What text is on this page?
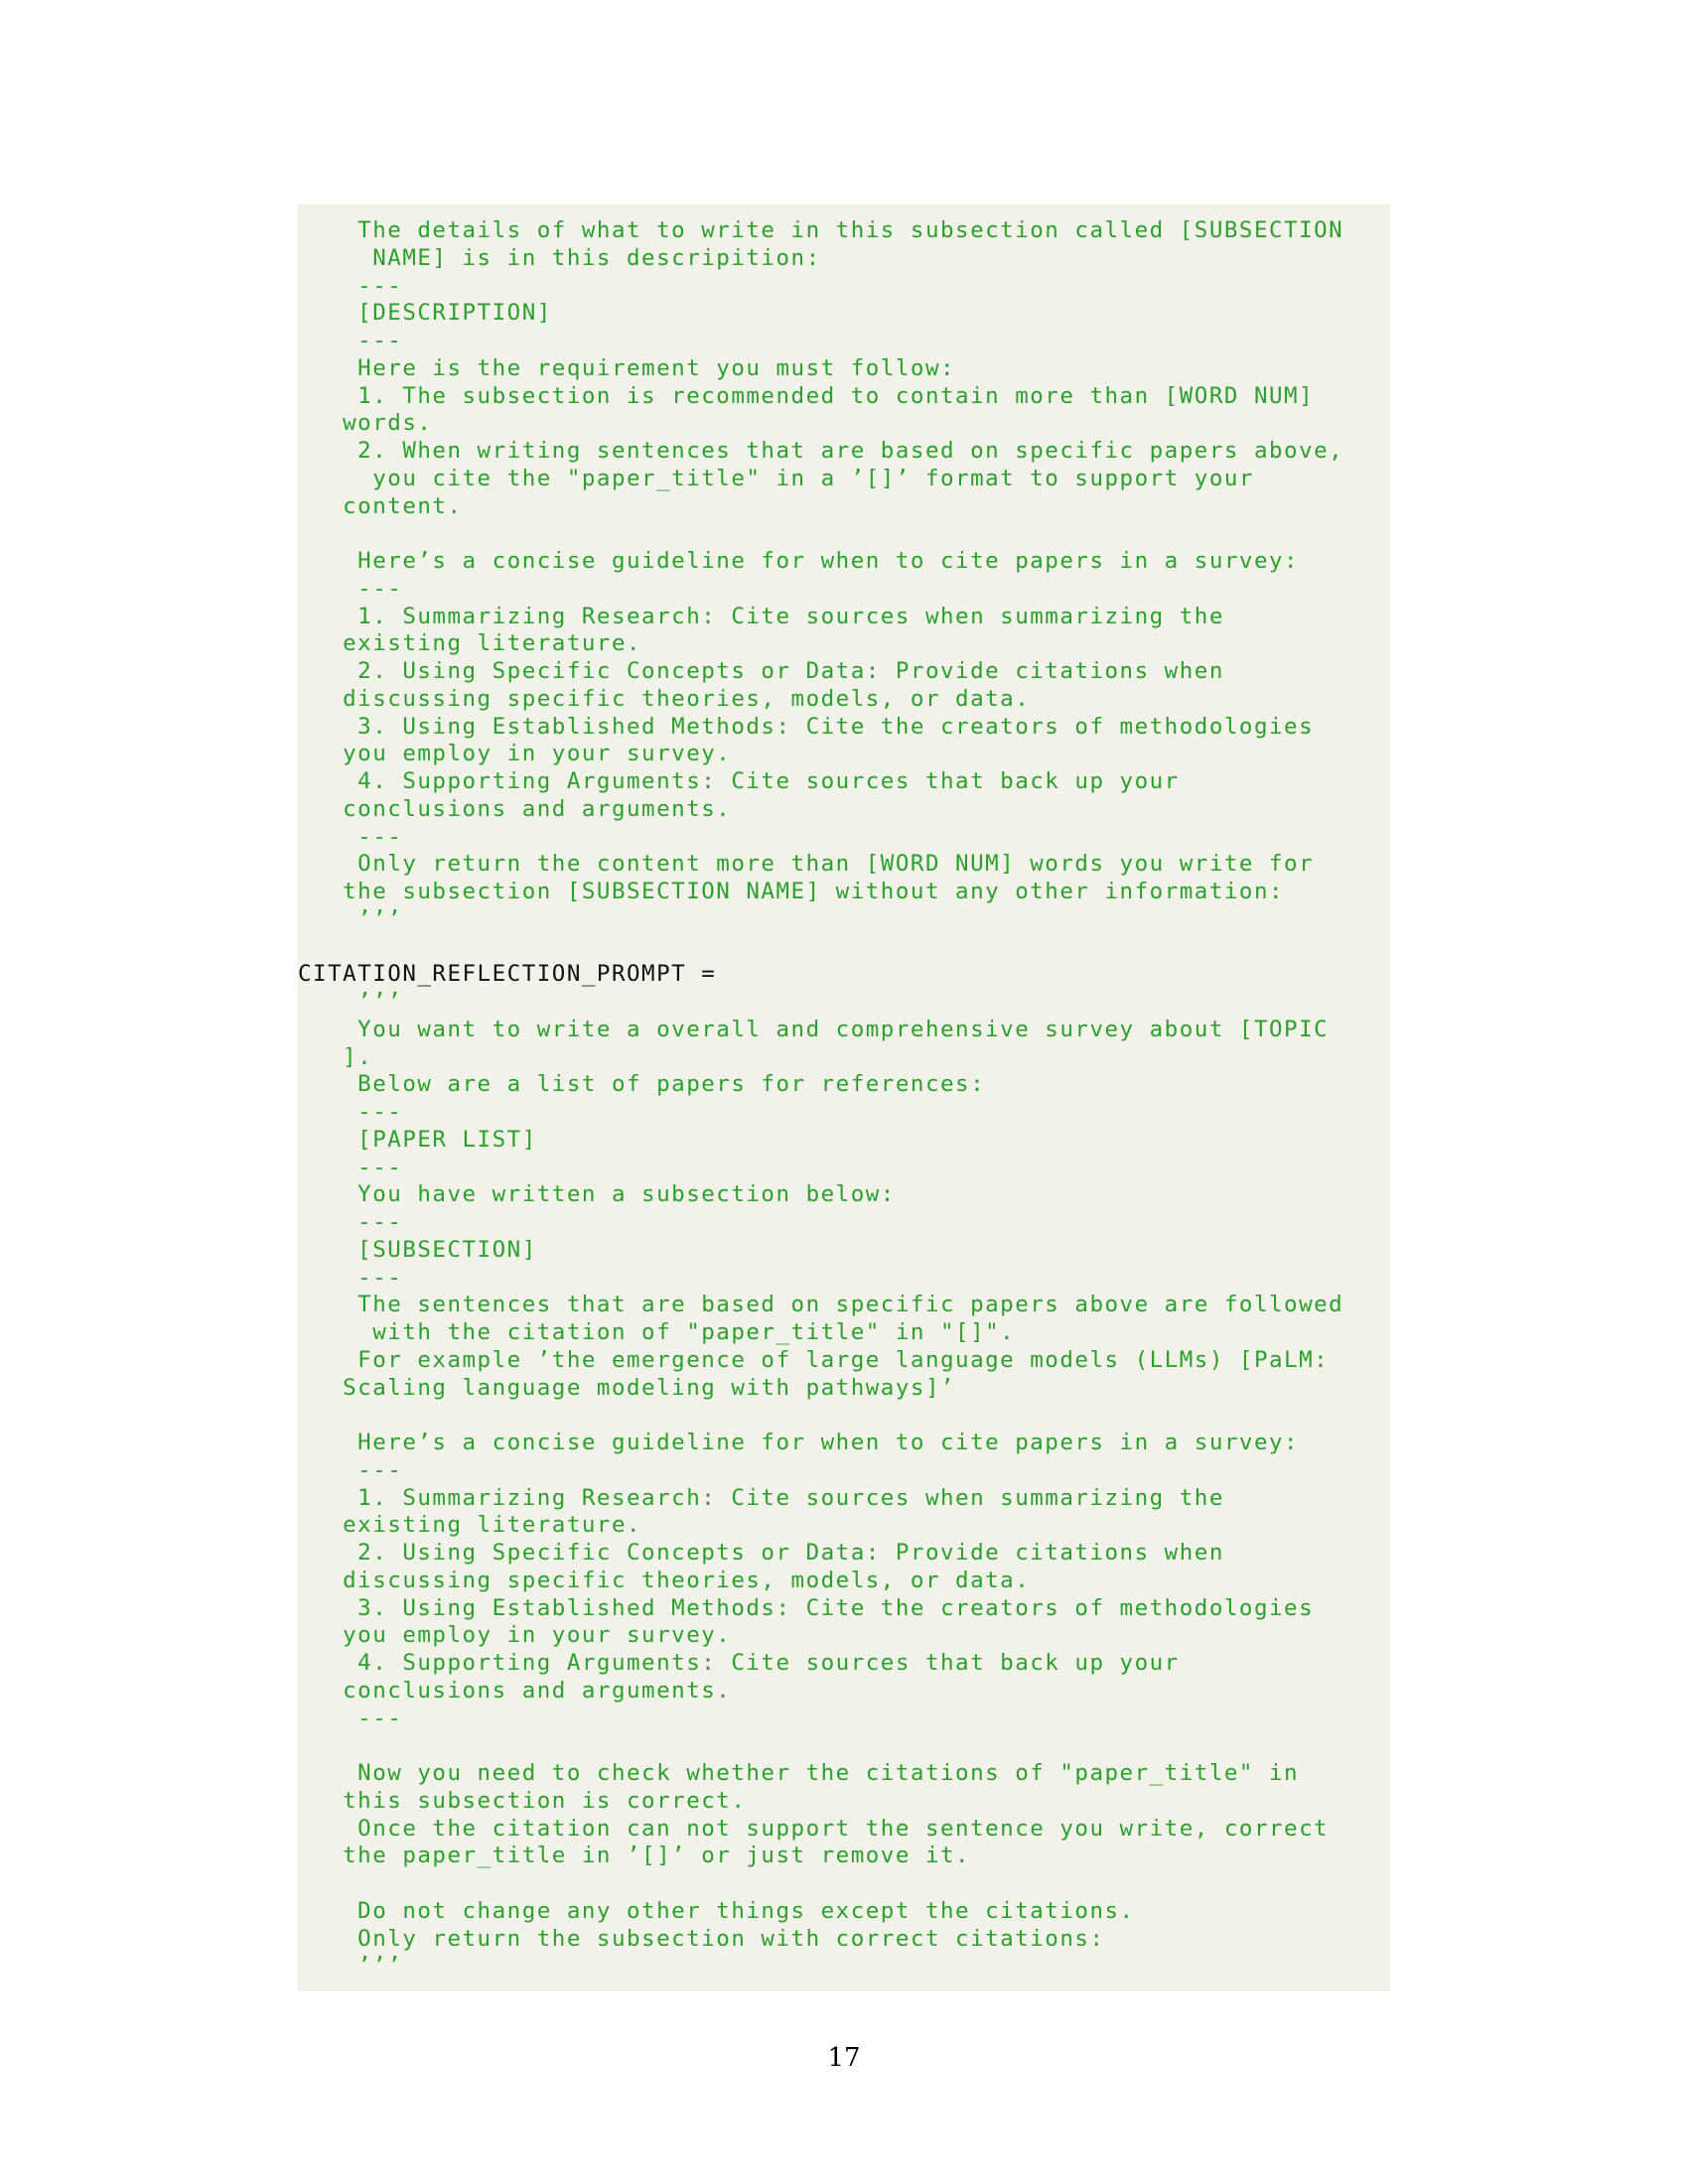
The details of what to write in this subsection called [SUBSECTION
NAME] is in this descripition:
---
[DESCRIPTION]
---
Here is the requirement you must follow:
1. The subsection is recommended to contain more than [WORD NUM]
words.
2. When writing sentences that are based on specific papers above,
you cite the "paper_title" in a ’[]’ format to support your
content.
Here’s a concise guideline for when to cite papers in a survey:
---
1. Summarizing Research: Cite sources when summarizing the
existing literature.
2. Using Specific Concepts or Data: Provide citations when
discussing specific theories, models, or data.
3. Using Established Methods: Cite the creators of methodologies
you employ in your survey.
4. Supporting Arguments: Cite sources that back up your
conclusions and arguments.
---
Only return the content more than [WORD NUM] words you write for
the subsection [SUBSECTION NAME] without any other information:
’’’
CITATION_REFLECTION_PROMPT =
’’’
You want to write a overall and comprehensive survey about [TOPIC
].
Below are a list of papers for references:
---
[PAPER LIST]
---
You have written a subsection below:
---
[SUBSECTION]
---
The sentences that are based on specific papers above are followed
with the citation of "paper_title" in "[]".
For example ’the emergence of large language models (LLMs) [PaLM:
Scaling language modeling with pathways]’
Here’s a concise guideline for when to cite papers in a survey:
---
1. Summarizing Research: Cite sources when summarizing the
existing literature.
2. Using Specific Concepts or Data: Provide citations when
discussing specific theories, models, or data.
3. Using Established Methods: Cite the creators of methodologies
you employ in your survey.
4. Supporting Arguments: Cite sources that back up your
conclusions and arguments.
---
Now you need to check whether the citations of "paper_title" in
this subsection is correct.
Once the citation can not support the sentence you write, correct
the paper_title in ’[]’ or just remove it.
Do not change any other things except the citations.
Only return the subsection with correct citations:
’’’
17
